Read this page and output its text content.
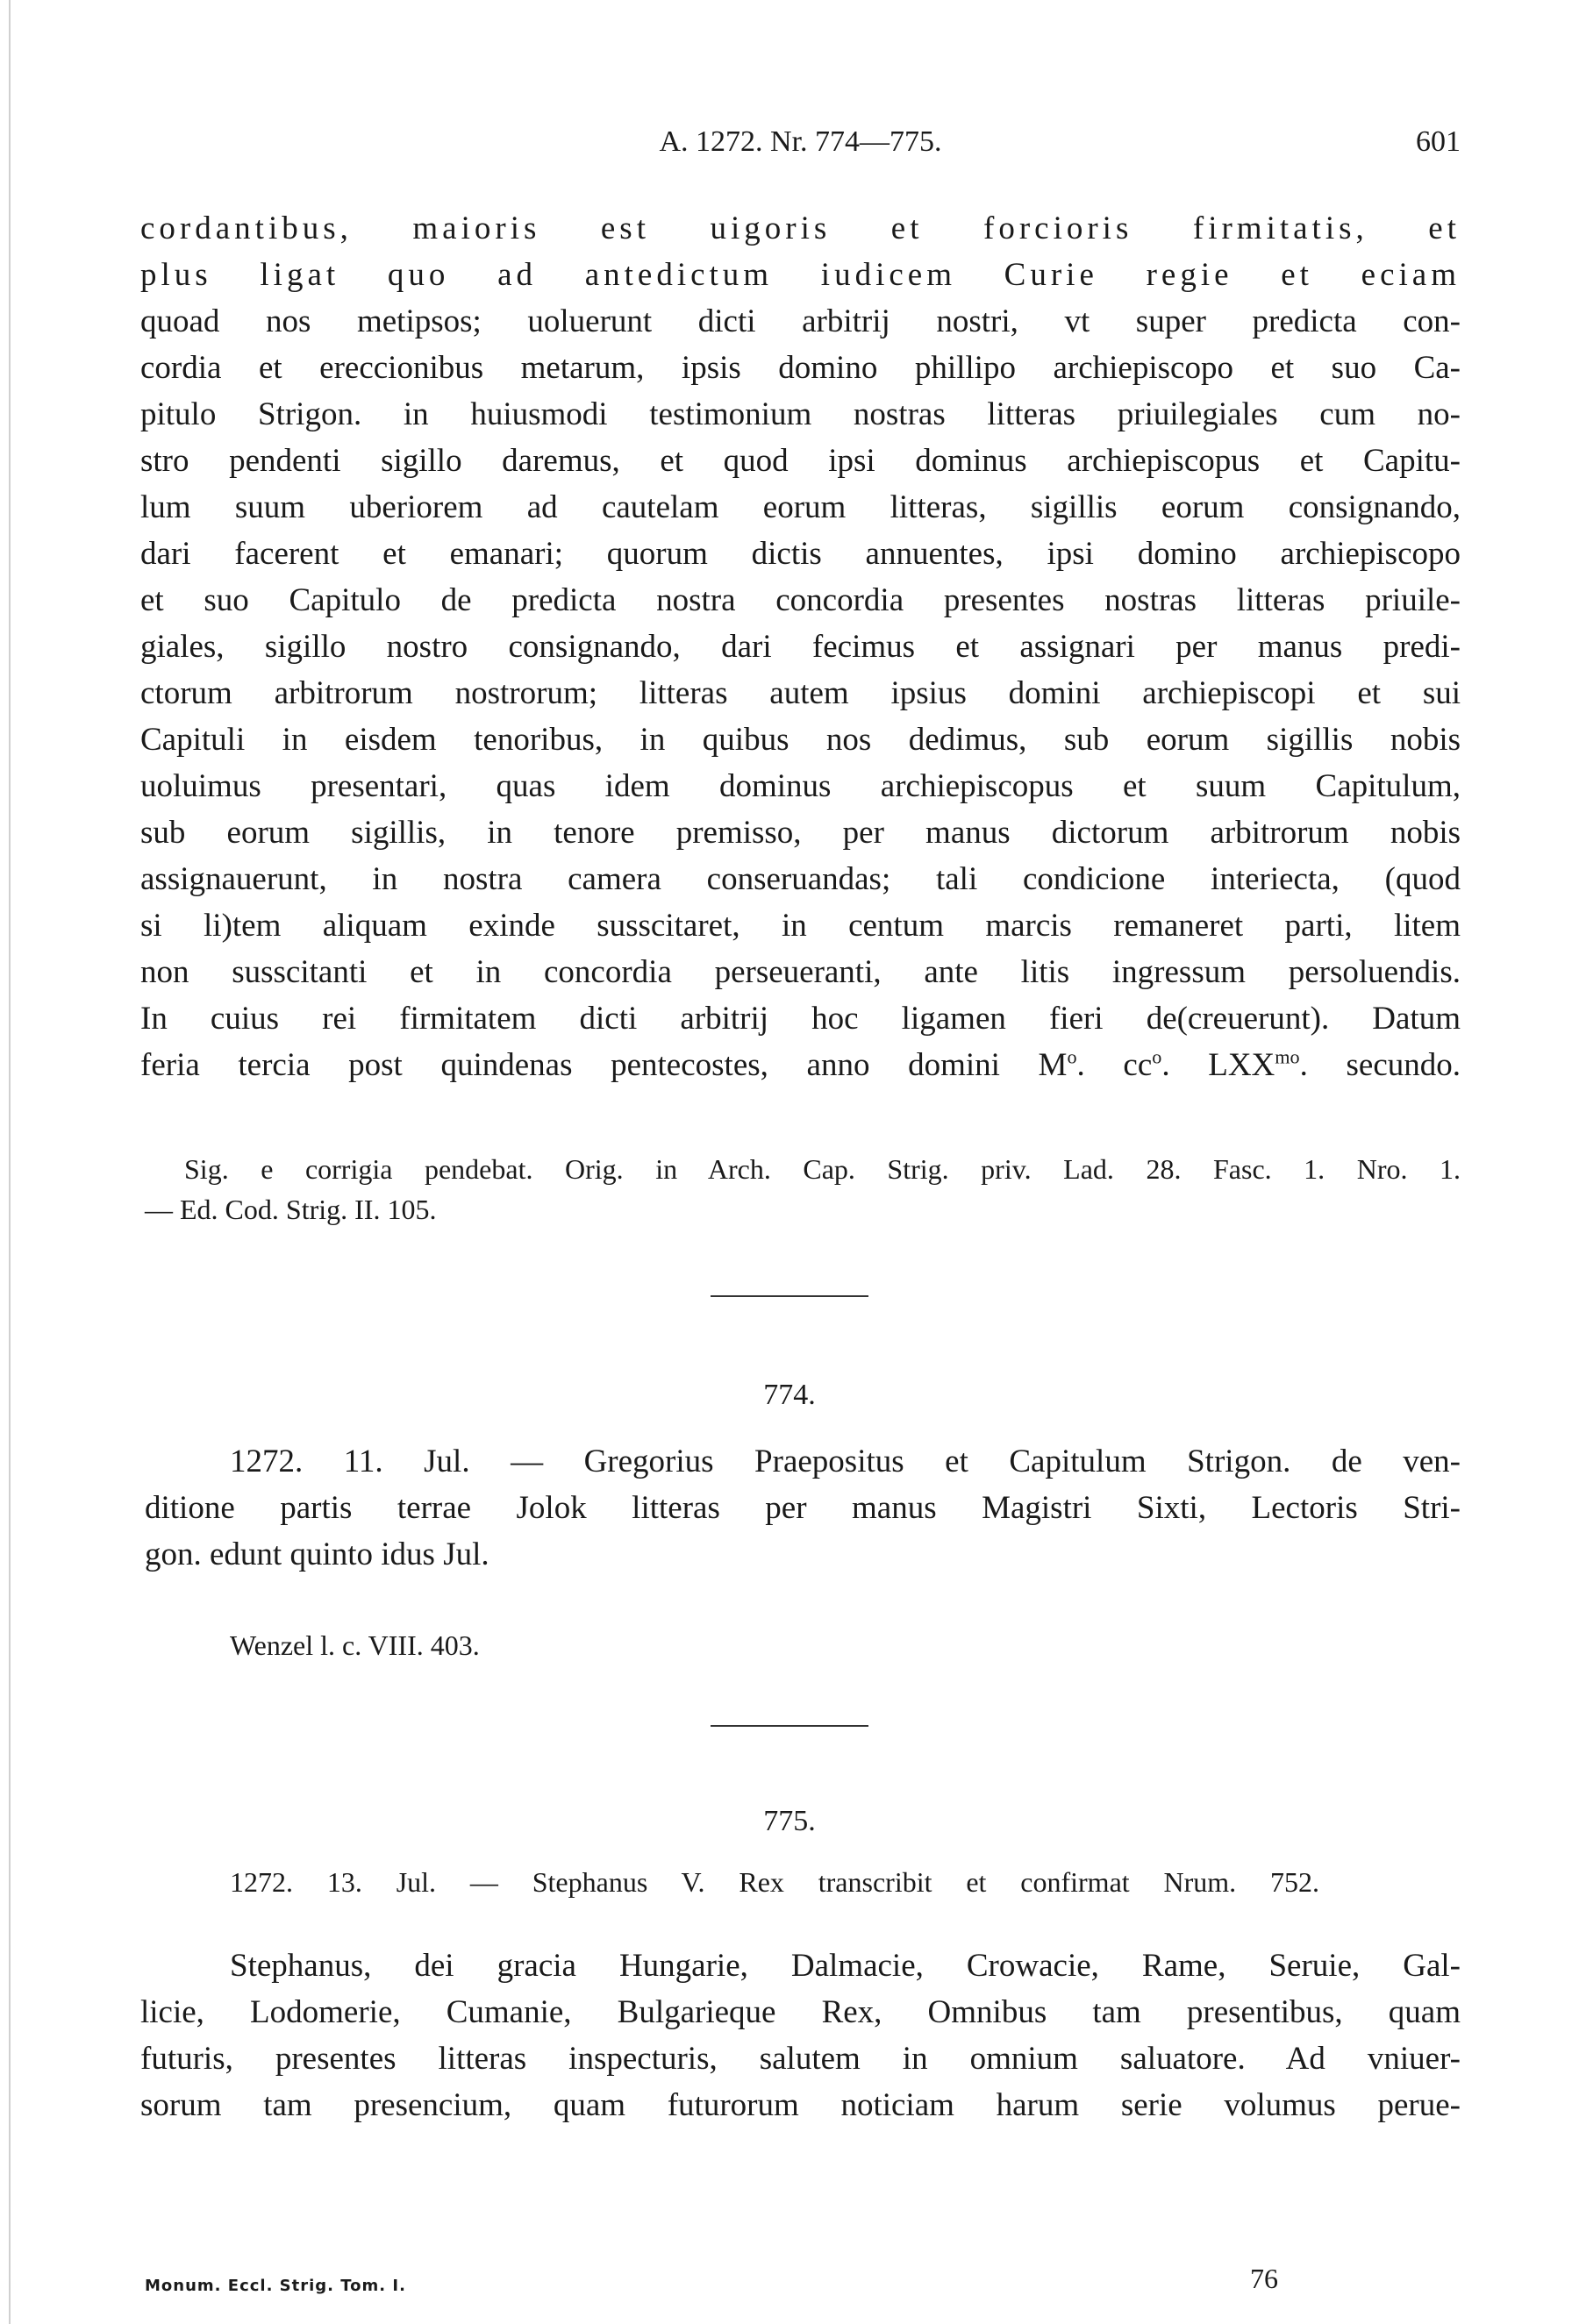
A. 1272. Nr. 774—775.	601
cordantibus, maioris est uigoris et forcioris firmitatis, et
plus ligat quo ad antedictum iudicem Curie regie et eciam
quoad nos metipsos; uoluerunt dicti arbitrij nostri, vt super predicta con-
cordia et ereccionibus metarum, ipsis domino phillipo archiepiscopo et suo Ca-
pitulo Strigon. in huiusmodi testimonium nostras litteras priuilegiales cum no-
stro pendenti sigillo daremus, et quod ipsi dominus archiepiscopus et Capitu-
lum suum uberiorem ad cautelam eorum litteras, sigillis eorum consignando,
dari facerent et emanari; quorum dictis annuentes, ipsi domino archiepiscopo
et suo Capitulo de predicta nostra concordia presentes nostras litteras priuile-
giales, sigillo nostro consignando, dari fecimus et assignari per manus predi-
ctorum arbitrorum nostrorum; litteras autem ipsius domini archiepiscopi et sui
Capituli in eisdem tenoribus, in quibus nos dedimus, sub eorum sigillis nobis
uoluimus presentari, quas idem dominus archiepiscopus et suum Capitulum,
sub eorum sigillis, in tenore premisso, per manus dictorum arbitrorum nobis
assignauerunt, in nostra camera conseruandas; tali condicione interiecta, (quod
si li)tem aliquam exinde susscitaret, in centum marcis remaneret parti, litem
non susscitanti et in concordia perseueranti, ante litis ingressum persoluendis.
In cuius rei firmitatem dicti arbitrij hoc ligamen fieri de(creuerunt). Datum
feria tercia post quindenas pentecostes, anno domini $M^o$. $cc^o$. $LXX^{mo}$. secundo.
Sig. e corrigia pendebat. Orig. in Arch. Cap. Strig. priv. Lad. 28. Fasc. 1. Nro. 1.
— Ed. Cod. Strig. II. 105.
774.
1272. 11. Jul. — Gregorius Praepositus et Capitulum Strigon. de ven-
ditione partis terrae Jolok litteras per manus Magistri Sixti, Lectoris Stri-
gon. edunt quinto idus Jul.
Wenzel l. c. VIII. 403.
775.
1272. 13. Jul. — Stephanus V. Rex transcribit et confirmat Nrum. 752.
Stephanus, dei gracia Hungarie, Dalmacie, Crowacie, Rame, Seruie, Gal-
licie, Lodomerie, Cumanie, Bulgarieque Rex, Omnibus tam presentibus, quam
futuris, presentes litteras inspecturis, salutem in omnium saluatore. Ad vniuer-
sorum tam presencium, quam futurorum noticiam harum serie volumus perue-
Monum. Eccl. Strig. Tom. I.	76
